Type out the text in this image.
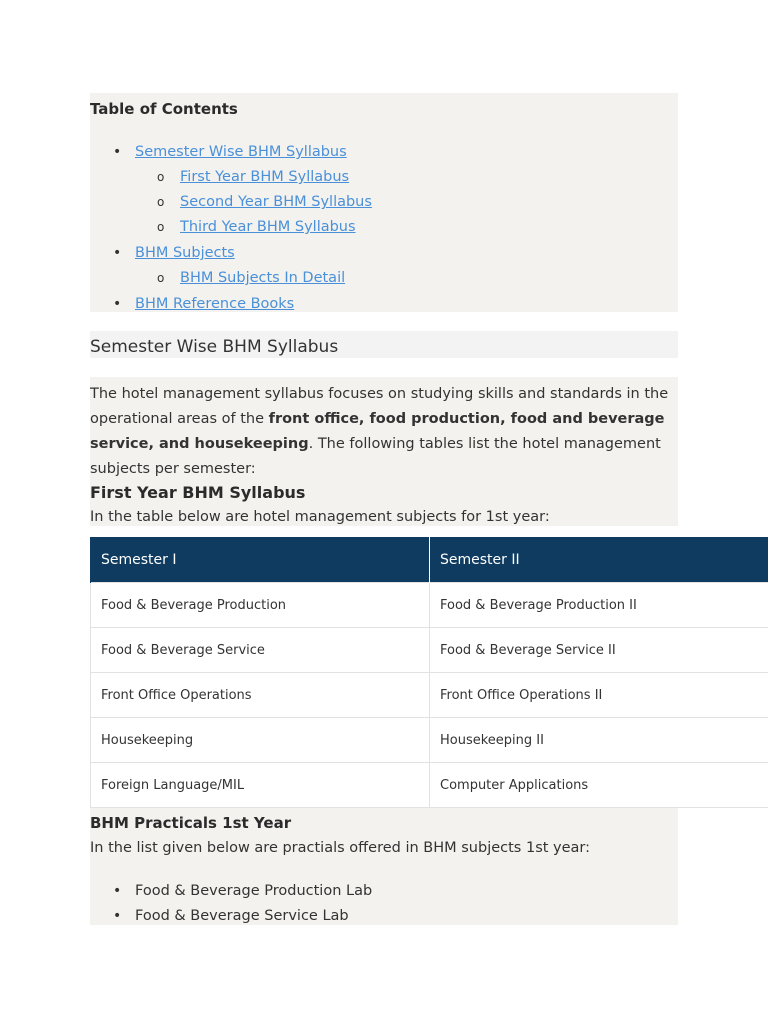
Table of Contents

• Semester Wise BHM Syllabus
o First Year BHM Syllabus
o Second Year BHM Syllabus
o Third Year BHM Syllabus
• BHM Subjects
o BHM Subjects In Detail
• BHM Reference Books
Semester Wise BHM Syllabus

The hotel management syllabus focuses on studying skills and standards in the operational areas of the front office, food production, food and beverage service, and housekeeping. The following tables list the hotel management subjects per semester:

First Year BHM Syllabus

In the table below are hotel management subjects for 1st year:

Semester I	Semester II
Food & Beverage Production	Food & Beverage Production II
Food & Beverage Service	Food & Beverage Service II
Front Office Operations	Front Office Operations II
Housekeeping	Housekeeping II
Foreign Language/MIL	Computer Applications
BHM Practicals 1st Year

In the list given below are practials offered in BHM subjects 1st year:

• Food & Beverage Production Lab
• Food & Beverage Service Lab
